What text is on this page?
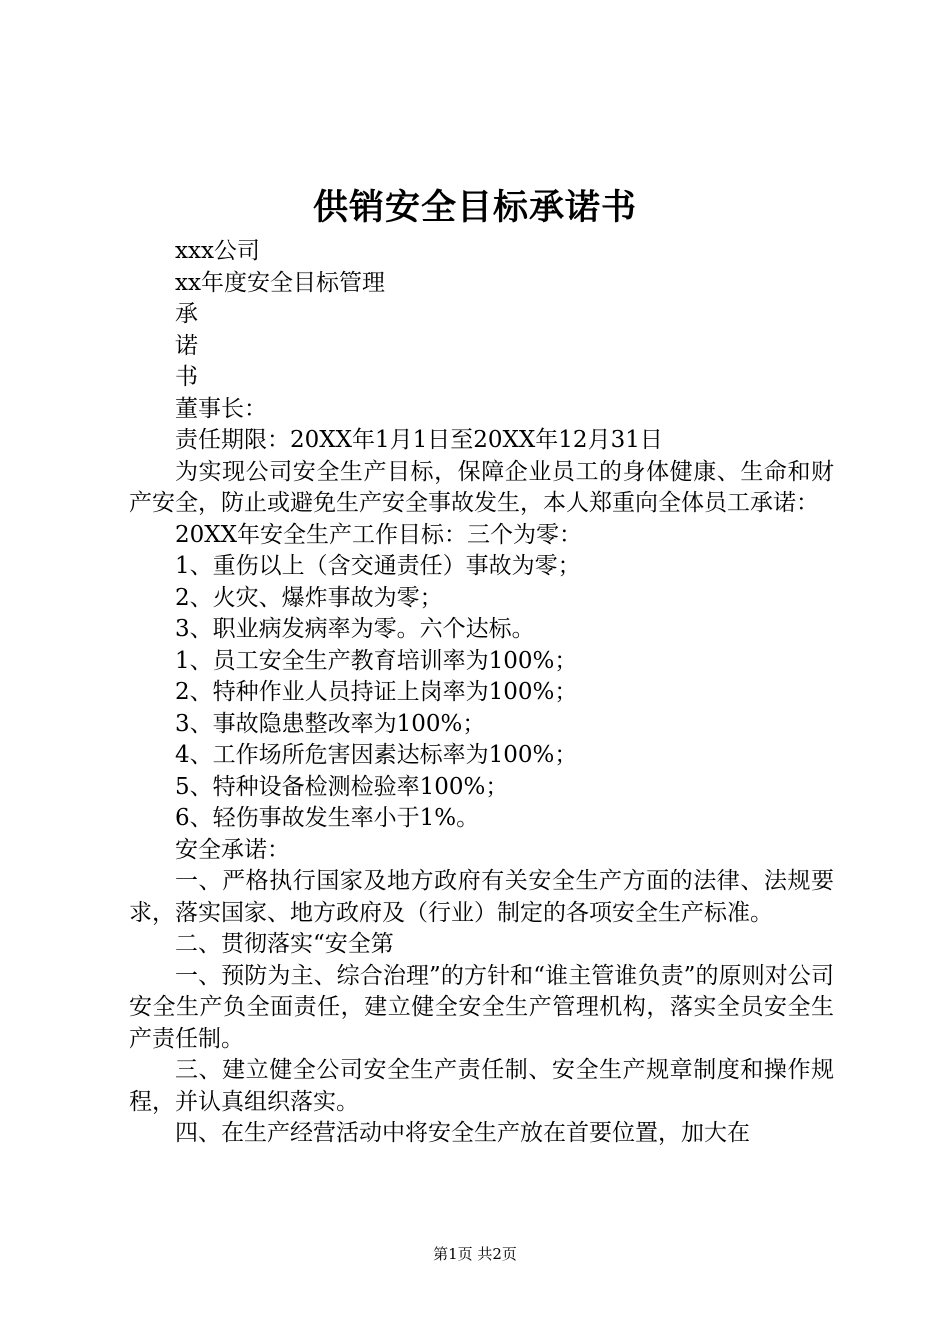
供销安全目标承诺书

xxx公司

xx年度安全目标管理

承

诺

书

董事长：

责任期限：20XX年1月1日至20XX年12月31日

为实现公司安全生产目标，保障企业员工的身体健康、生命和财产安全，防止或避免生产安全事故发生，本人郑重向全体员工承诺：

20XX年安全生产工作目标：三个为零：

1、重伤以上（含交通责任）事故为零；

2、火灾、爆炸事故为零；

3、职业病发病率为零。六个达标。

1、员工安全生产教育培训率为100%；

2、特种作业人员持证上岗率为100%；

3、事故隐患整改率为100%；

4、工作场所危害因素达标率为100%；

5、特种设备检测检验率100%；

6、轻伤事故发生率小于1%。

安全承诺：

一、严格执行国家及地方政府有关安全生产方面的法律、法规要求，落实国家、地方政府及（行业）制定的各项安全生产标准。

二、贯彻落实“安全第

一、预防为主、综合治理”的方针和“谁主管谁负责”的原则对公司安全生产负全面责任，建立健全安全生产管理机构，落实全员安全生产责任制。

三、建立健全公司安全生产责任制、安全生产规章制度和操作规程，并认真组织落实。

四、在生产经营活动中将安全生产放在首要位置，加大在

第1页 共2页
